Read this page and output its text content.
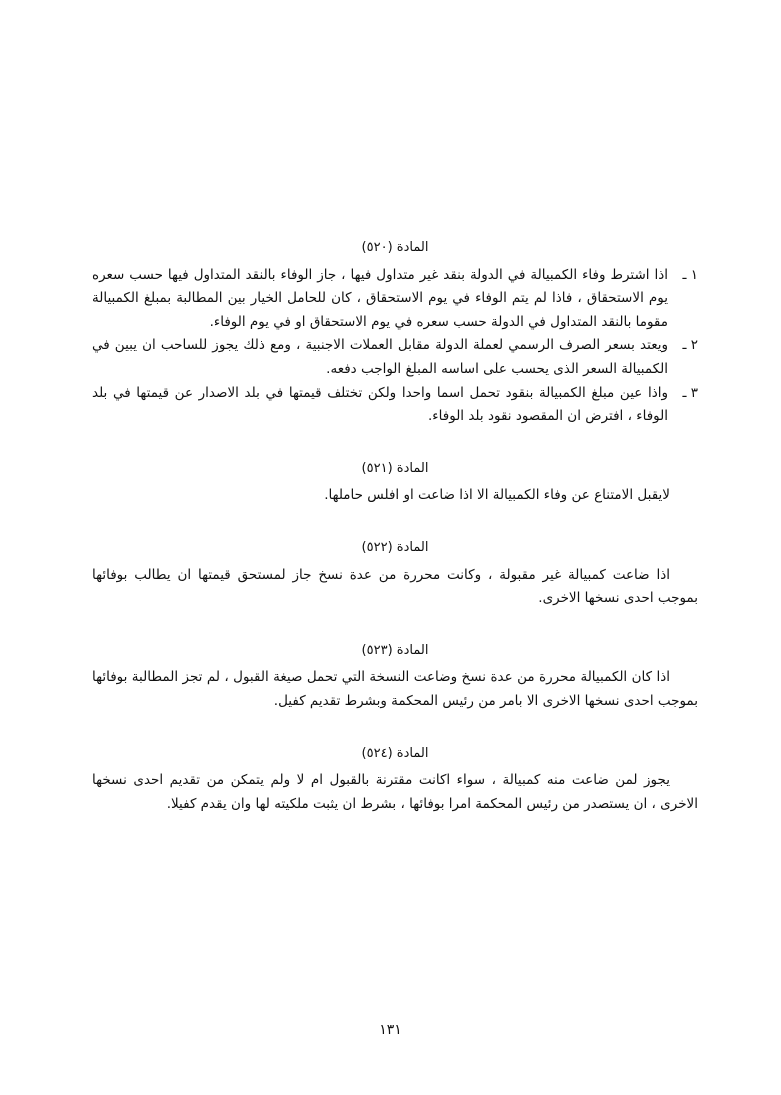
المادة (٥٢٠)
١ ـ
اذا اشترط وفاء الكمبيالة في الدولة بنقد غير متداول فيها ، جاز الوفاء بالنقد المتداول فيها حسب سعره يوم الاستحقاق ، فاذا لم يتم الوفاء في يوم الاستحقاق ، كان للحامل الخيار بين المطالبة بمبلغ الكمبيالة مقوما بالنقد المتداول في الدولة حسب سعره في يوم الاستحقاق او في يوم الوفاء.
٢ ـ
ويعتد بسعر الصرف الرسمي لعملة الدولة مقابل العملات الاجنبية ، ومع ذلك يجوز للساحب ان يبين في الكمبيالة السعر الذى يحسب على اساسه المبلغ الواجب دفعه.
٣ ـ
واذا عين مبلغ الكمبيالة بنقود تحمل اسما واحدا ولكن تختلف قيمتها في بلد الاصدار عن قيمتها في بلد الوفاء ، افترض ان المقصود نقود بلد الوفاء.
المادة (٥٢١)

لايقبل الامتناع عن وفاء الكمبيالة الا اذا ضاعت او افلس حاملها.

المادة (٥٢٢)

اذا ضاعت كمبيالة غير مقبولة ، وكانت محررة من عدة نسخ جاز لمستحق قيمتها ان يطالب بوفائها بموجب احدى نسخها الاخرى.

المادة (٥٢٣)

اذا كان الكمبيالة محررة من عدة نسخ وضاعت النسخة التي تحمل صيغة القبول ، لم تجز المطالبة بوفائها بموجب احدى نسخها الاخرى الا بامر من رئيس المحكمة وبشرط تقديم كفيل.

المادة (٥٢٤)

يجوز لمن ضاعت منه كمبيالة ، سواء اكانت مقترنة بالقبول ام لا ولم يتمكن من تقديم احدى نسخها الاخرى ، ان يستصدر من رئيس المحكمة امرا بوفائها ، بشرط ان يثبت ملكيته لها وان يقدم كفيلا.

١٣١
